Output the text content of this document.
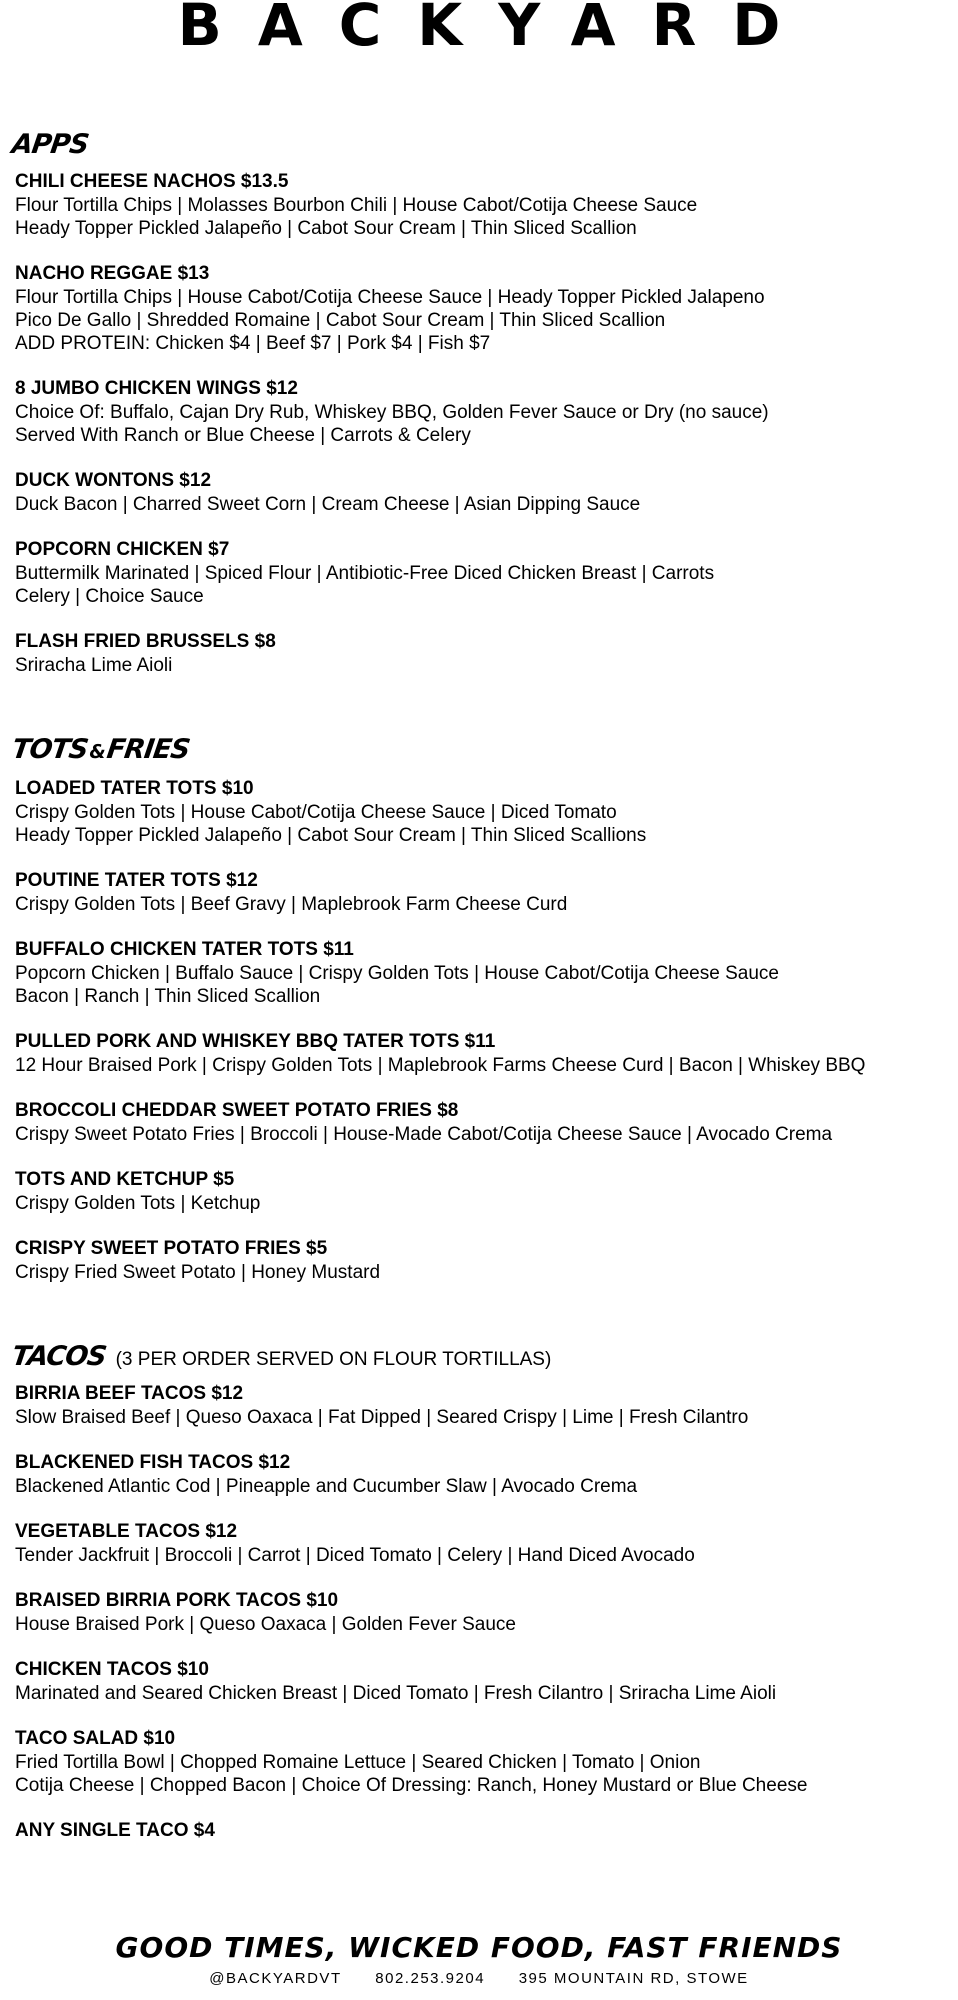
BACKYARD
APPS
CHILI CHEESE NACHOS $13.5
Flour Tortilla Chips | Molasses Bourbon Chili | House Cabot/Cotija Cheese Sauce
Heady Topper Pickled Jalapeño | Cabot Sour Cream | Thin Sliced Scallion
NACHO REGGAE $13
Flour Tortilla Chips | House Cabot/Cotija Cheese Sauce | Heady Topper Pickled Jalapeno
Pico De Gallo | Shredded Romaine | Cabot Sour Cream | Thin Sliced Scallion
ADD PROTEIN: Chicken $4 | Beef $7 | Pork $4 | Fish $7
8 JUMBO CHICKEN WINGS $12
Choice Of: Buffalo, Cajan Dry Rub, Whiskey BBQ, Golden Fever Sauce or Dry (no sauce)
Served With Ranch or Blue Cheese | Carrots & Celery
DUCK WONTONS $12
Duck Bacon | Charred Sweet Corn | Cream Cheese | Asian Dipping Sauce
POPCORN CHICKEN $7
Buttermilk Marinated | Spiced Flour | Antibiotic-Free Diced Chicken Breast | Carrots
Celery | Choice Sauce
FLASH FRIED BRUSSELS $8
Sriracha Lime Aioli
TOTS&FRIES
LOADED TATER TOTS $10
Crispy Golden Tots | House Cabot/Cotija Cheese Sauce | Diced Tomato
Heady Topper Pickled Jalapeño | Cabot Sour Cream | Thin Sliced Scallions
POUTINE TATER TOTS $12
Crispy Golden Tots | Beef Gravy | Maplebrook Farm Cheese Curd
BUFFALO CHICKEN TATER TOTS $11
Popcorn Chicken | Buffalo Sauce | Crispy Golden Tots | House Cabot/Cotija Cheese Sauce
Bacon | Ranch | Thin Sliced Scallion
PULLED PORK AND WHISKEY BBQ TATER TOTS $11
12 Hour Braised Pork | Crispy Golden Tots | Maplebrook Farms Cheese Curd | Bacon | Whiskey BBQ
BROCCOLI CHEDDAR SWEET POTATO FRIES $8
Crispy Sweet Potato Fries | Broccoli | House-Made Cabot/Cotija Cheese Sauce | Avocado Crema
TOTS AND KETCHUP $5
Crispy Golden Tots | Ketchup
CRISPY SWEET POTATO FRIES $5
Crispy Fried Sweet Potato | Honey Mustard
TACOS (3 PER ORDER SERVED ON FLOUR TORTILLAS)
BIRRIA BEEF TACOS $12
Slow Braised Beef | Queso Oaxaca | Fat Dipped | Seared Crispy | Lime | Fresh Cilantro
BLACKENED FISH TACOS $12
Blackened Atlantic Cod | Pineapple and Cucumber Slaw | Avocado Crema
VEGETABLE TACOS $12
Tender Jackfruit | Broccoli | Carrot | Diced Tomato | Celery | Hand Diced Avocado
BRAISED BIRRIA PORK TACOS $10
House Braised Pork | Queso Oaxaca | Golden Fever Sauce
CHICKEN TACOS $10
Marinated and Seared Chicken Breast | Diced Tomato | Fresh Cilantro | Sriracha Lime Aioli
TACO SALAD $10
Fried Tortilla Bowl | Chopped Romaine Lettuce | Seared Chicken | Tomato | Onion
Cotija Cheese | Chopped Bacon | Choice Of Dressing: Ranch, Honey Mustard or Blue Cheese
ANY SINGLE TACO $4
GOOD TIMES, WICKED FOOD, FAST FRIENDS
@BACKYARDVT 802.253.9204 395 MOUNTAIN RD, STOWE
